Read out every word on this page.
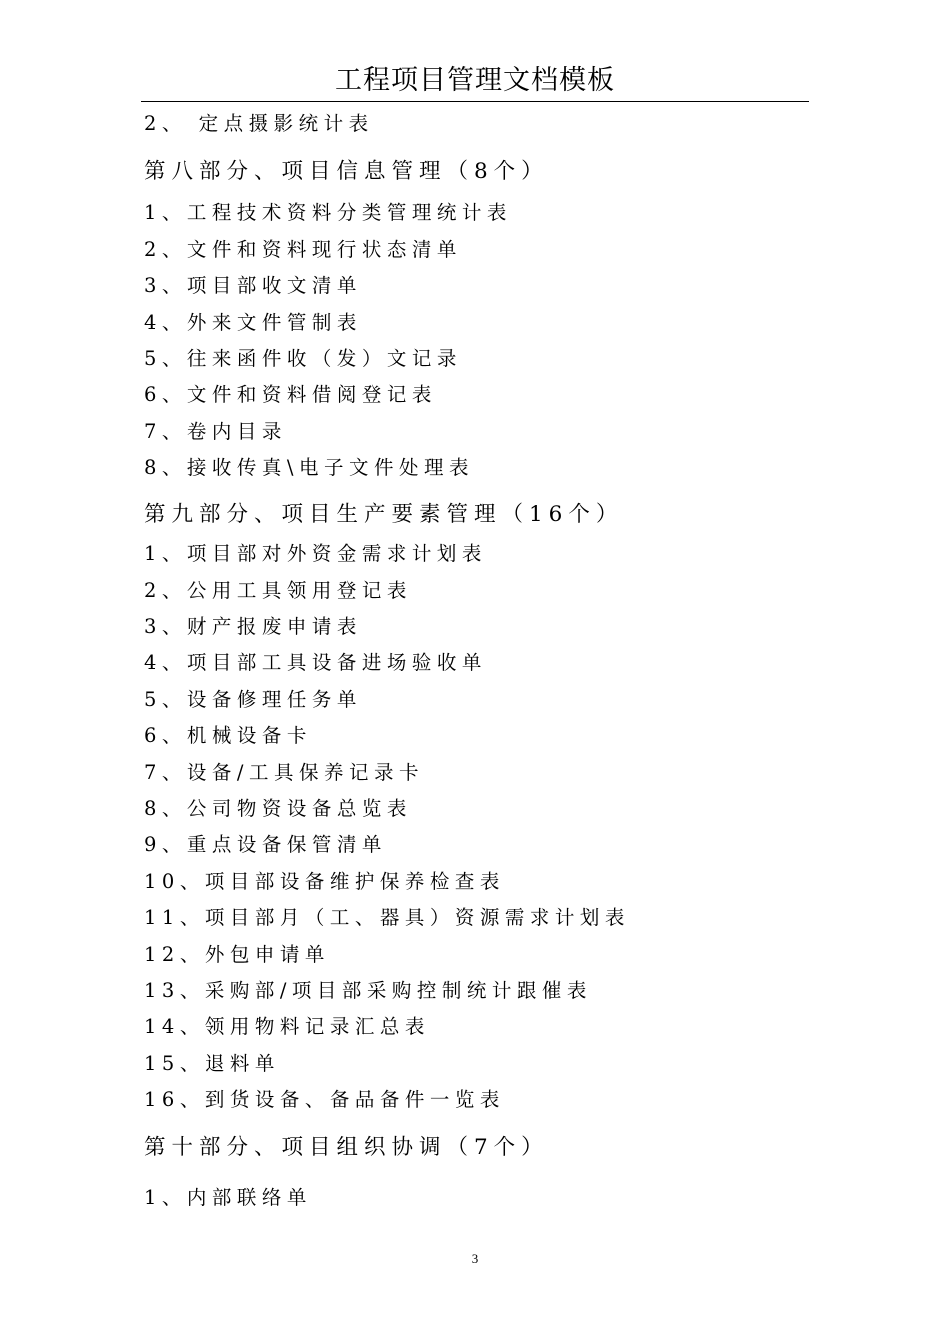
工程项目管理文档模板
2、 定点摄影统计表
第八部分、项目信息管理（8个）
1、工程技术资料分类管理统计表
2、文件和资料现行状态清单
3、项目部收文清单
4、外来文件管制表
5、往来函件收（发）文记录
6、文件和资料借阅登记表
7、卷内目录
8、接收传真\电子文件处理表
第九部分、项目生产要素管理（16个）
1、项目部对外资金需求计划表
2、公用工具领用登记表
3、财产报废申请表
4、项目部工具设备进场验收单
5、设备修理任务单
6、机械设备卡
7、设备/工具保养记录卡
8、公司物资设备总览表
9、重点设备保管清单
10、项目部设备维护保养检查表
11、项目部月（工、器具）资源需求计划表
12、外包申请单
13、采购部/项目部采购控制统计跟催表
14、领用物料记录汇总表
15、退料单
16、到货设备、备品备件一览表
第十部分、项目组织协调（7个）
1、内部联络单
3
